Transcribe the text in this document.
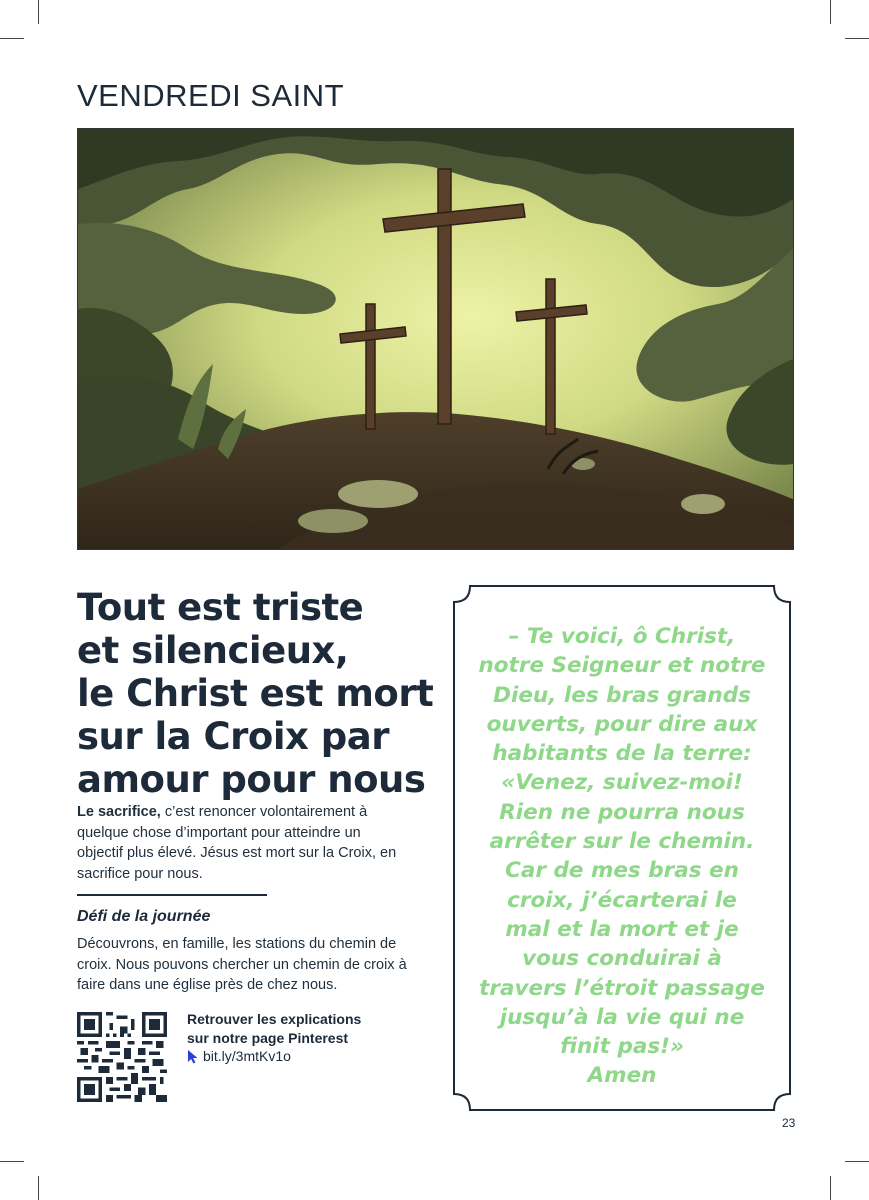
VENDREDI SAINT
Tout est triste
et silencieux,
le Christ est mort
sur la Croix par
amour pour nous
Le sacrifice, c’est renoncer volontairement à quelque chose d’important pour atteindre un objectif plus élevé. Jésus est mort sur la Croix, en sacrifice pour nous.
Défi de la journée
Découvrons, en famille, les stations du chemin de croix. Nous pouvons chercher un chemin de croix à faire dans une église près de chez nous.
Retrouver les explications
sur notre page Pinterest
bit.ly/3mtKv1o
– Te voici, ô Christ,
notre Seigneur et notre
Dieu, les bras grands
ouverts, pour dire aux
habitants de la terre:
«Venez, suivez-moi!
Rien ne pourra nous
arrêter sur le chemin.
Car de mes bras en
croix, j’écarterai le
mal et la mort et je
vous conduirai à
travers l’étroit passage
jusqu’à la vie qui ne
finit pas!»
Amen
23
